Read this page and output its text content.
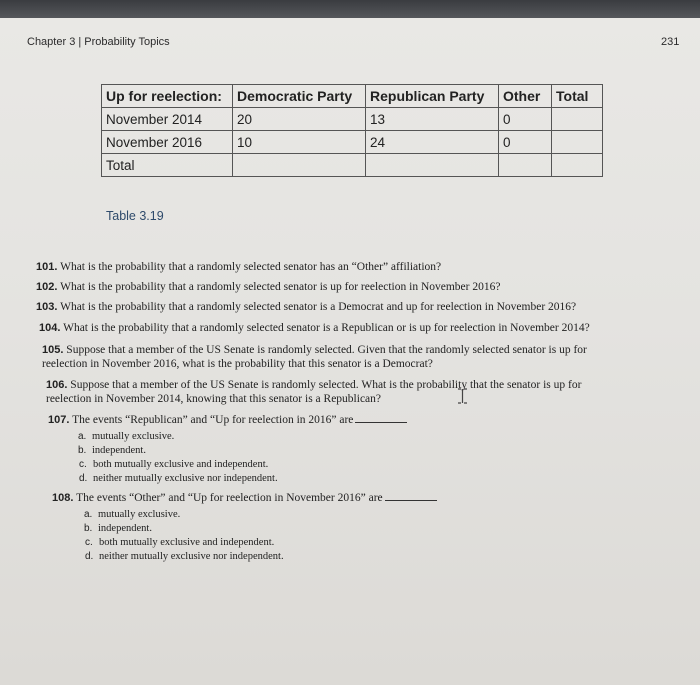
Chapter 3 | Probability Topics	231
Up for reelection:	Democratic Party	Republican Party	Other	Total
November 2014	20	13	0	
November 2016	10	24	0	
Total				
Table 3.19
101. What is the probability that a randomly selected senator has an “Other” affiliation?
102. What is the probability that a randomly selected senator is up for reelection in November 2016?
103. What is the probability that a randomly selected senator is a Democrat and up for reelection in November 2016?
104. What is the probability that a randomly selected senator is a Republican or is up for reelection in November 2014?
105. Suppose that a member of the US Senate is randomly selected. Given that the randomly selected senator is up for
reelection in November 2016, what is the probability that this senator is a Democrat?
106. Suppose that a member of the US Senate is randomly selected. What is the probability that the senator is up for
reelection in November 2014, knowing that this senator is a Republican?
107. The events “Republican” and “Up for reelection in 2016” are
a. mutually exclusive.
b. independent.
c. both mutually exclusive and independent.
d. neither mutually exclusive nor independent.
108. The events “Other” and “Up for reelection in November 2016” are
a. mutually exclusive.
b. independent.
c. both mutually exclusive and independent.
d. neither mutually exclusive nor independent.
